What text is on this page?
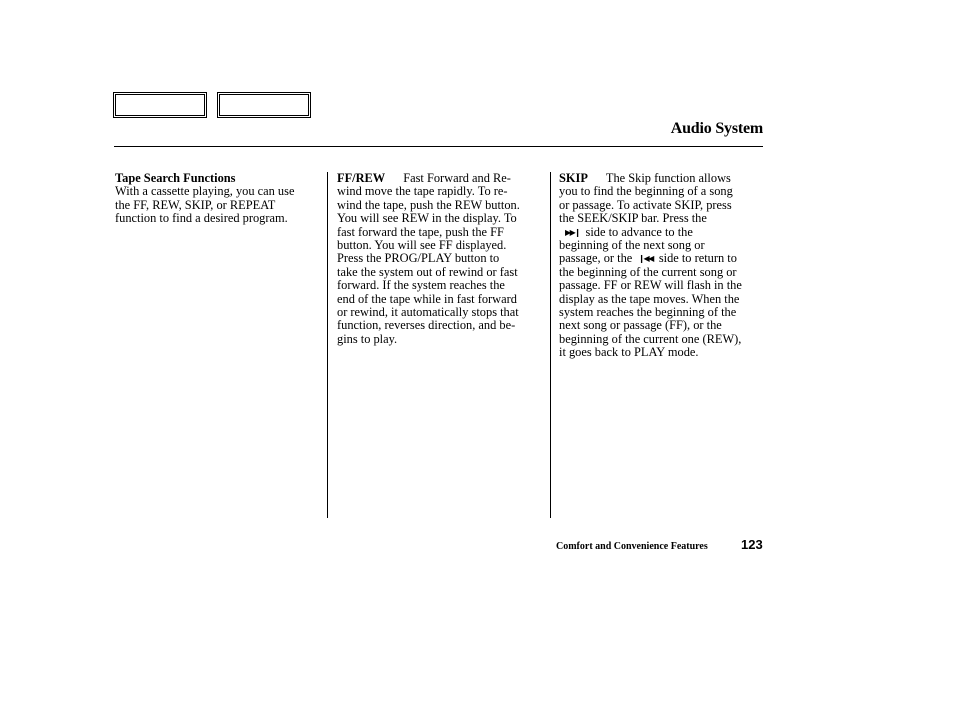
Audio System
Tape Search Functions
With a cassette playing, you can use
the FF, REW, SKIP, or REPEAT
function to find a desired program.
FF/REW Fast Forward and Re-
wind move the tape rapidly. To re-
wind the tape, push the REW button.
You will see REW in the display. To
fast forward the tape, push the FF
button. You will see FF displayed.
Press the PROG/PLAY button to
take the system out of rewind or fast
forward. If the system reaches the
end of the tape while in fast forward
or rewind, it automatically stops that
function, reverses direction, and be-
gins to play.
SKIP The Skip function allows
you to find the beginning of a song
or passage. To activate SKIP, press
the SEEK/SKIP bar. Press the
▶▶❙ side to advance to the
beginning of the next song or
passage, or the ❙◀◀ side to return to
the beginning of the current song or
passage. FF or REW will flash in the
display as the tape moves. When the
system reaches the beginning of the
next song or passage (FF), or the
beginning of the current one (REW),
it goes back to PLAY mode.
Comfort and Convenience Features	123
